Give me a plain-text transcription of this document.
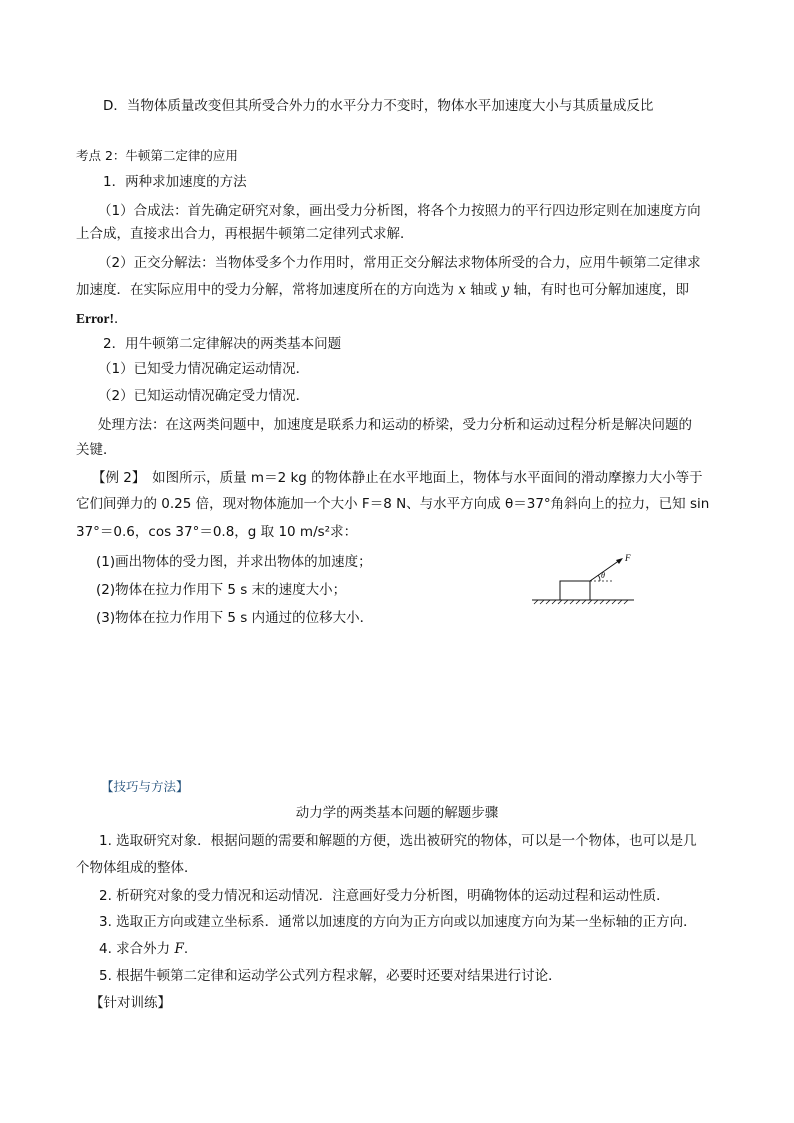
D．当物体质量改变但其所受合外力的水平分力不变时，物体水平加速度大小与其质量成反比
考点 2：牛顿第二定律的应用
1．两种求加速度的方法
（1）合成法：首先确定研究对象，画出受力分析图，将各个力按照力的平行四边形定则在加速度方向
上合成，直接求出合力，再根据牛顿第二定律列式求解．
（2）正交分解法：当物体受多个力作用时，常用正交分解法求物体所受的合力，应用牛顿第二定律求
加速度．在实际应用中的受力分解，常将加速度所在的方向选为 x 轴或 y 轴，有时也可分解加速度，即
Error!．
2．用牛顿第二定律解决的两类基本问题
（1）已知受力情况确定运动情况．
（2）已知运动情况确定受力情况．
处理方法：在这两类问题中，加速度是联系力和运动的桥梁，受力分析和运动过程分析是解决问题的
关键．
【例 2】　如图所示，质量 m＝2 kg 的物体静止在水平地面上，物体与水平面间的滑动摩擦力大小等于
它们间弹力的 0.25 倍，现对物体施加一个大小 F＝8 N、与水平方向成 θ＝37°角斜向上的拉力，已知 sin
37°＝0.6，cos 37°＝0.8，g 取 10 m/s²求：
(1)画出物体的受力图，并求出物体的加速度；
(2)物体在拉力作用下 5 s 末的速度大小；
(3)物体在拉力作用下 5 s 内通过的位移大小．
F
θ
【技巧与方法】
动力学的两类基本问题的解题步骤
1. 选取研究对象．根据问题的需要和解题的方便，选出被研究的物体，可以是一个物体，也可以是几
个物体组成的整体．
2. 析研究对象的受力情况和运动情况．注意画好受力分析图，明确物体的运动过程和运动性质．
3. 选取正方向或建立坐标系．通常以加速度的方向为正方向或以加速度方向为某一坐标轴的正方向．
4. 求合外力 F.
5. 根据牛顿第二定律和运动学公式列方程求解，必要时还要对结果进行讨论．
【针对训练】
